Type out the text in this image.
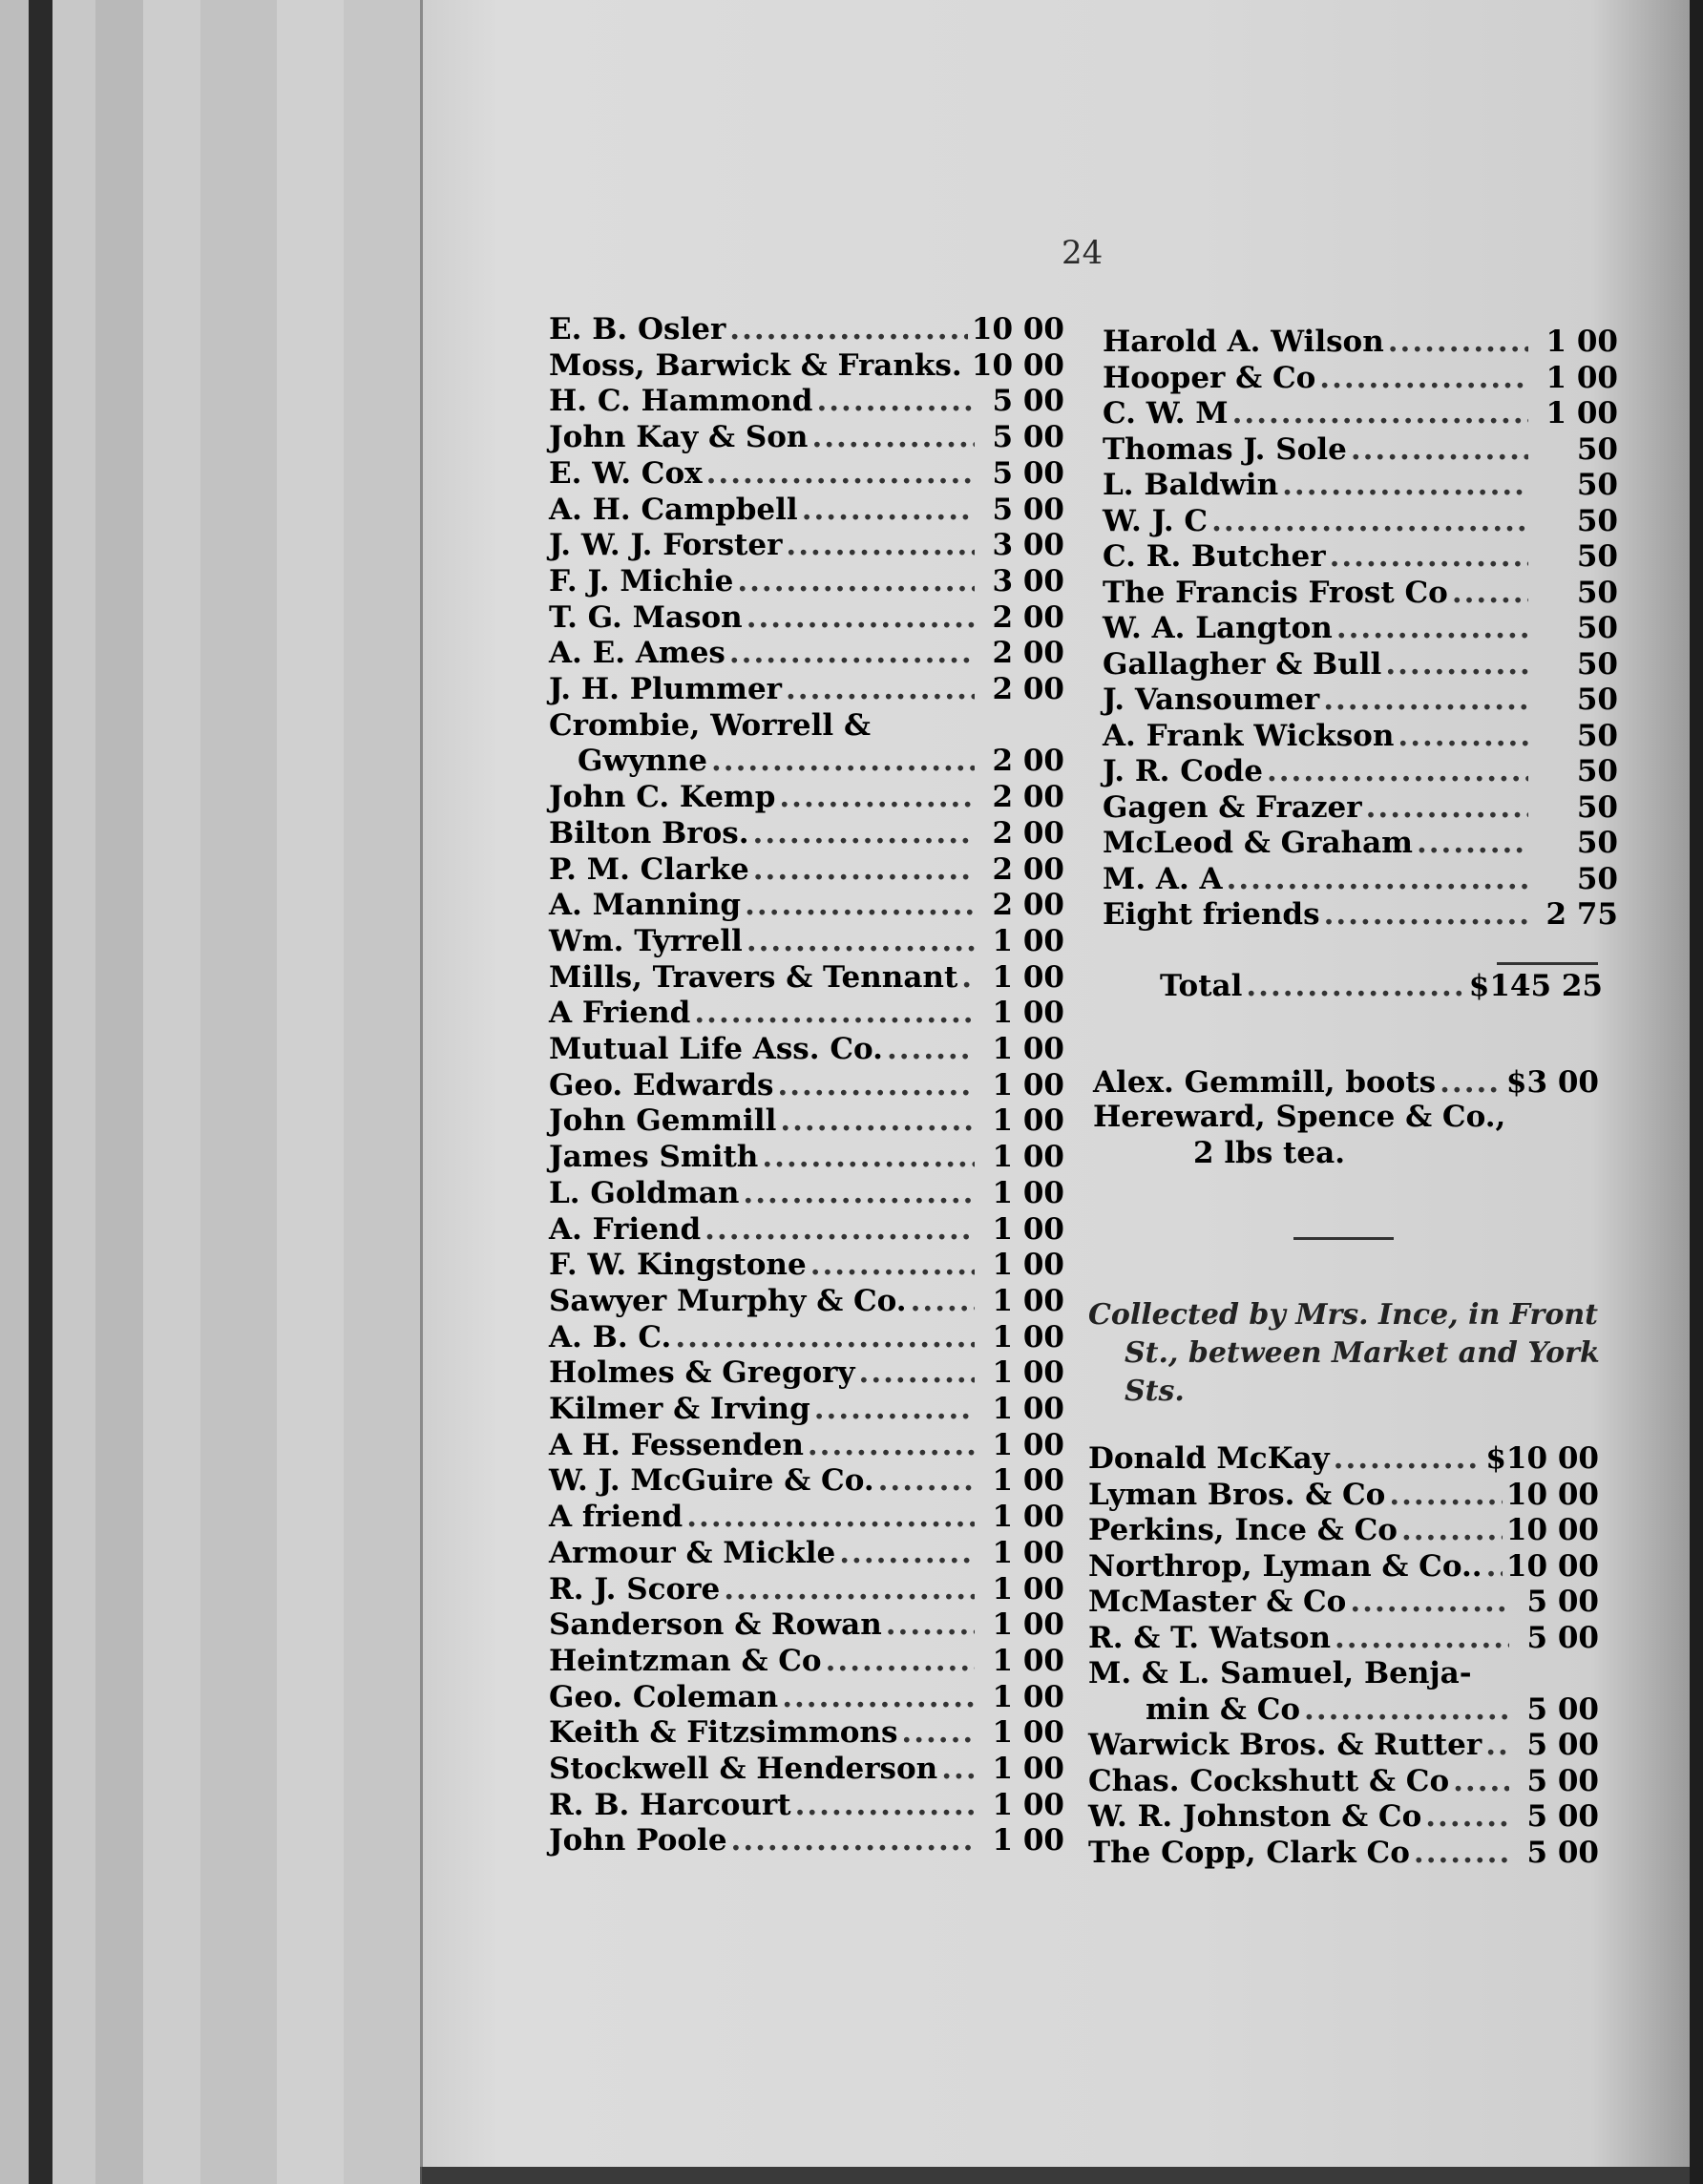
24
E. B. Osler .....	10 00
Moss, Barwick & Franks. ..... 10 00
H. C. Hammond .....	5 00
John Kay & Son .....	5 00
E. W. Cox .....	5 00
A. H. Campbell .....	5 00
J. W. J. Forster .....	3 00
F. J. Michie .....	3 00
T. G. Mason .....	2 00
A. E. Ames .....	2 00
J. H. Plummer .....	2 00
Crombie, Worrell &
Gwynne .....	2 00
John C. Kemp .....	2 00
Bilton Bros. .....	2 00
P. M. Clarke .....	2 00
A. Manning .....	2 00
Wm. Tyrrell .....	1 00
Mills, Travers & Tennant .....	1 00
A Friend .....	1 00
Mutual Life Ass. Co. .....	1 00
Geo. Edwards .....	1 00
John Gemmill .....	1 00
James Smith .....	1 00
L. Goldman .....	1 00
A. Friend .....	1 00
F. W. Kingstone .....	1 00
Sawyer Murphy & Co. .....	1 00
A. B. C. .....	1 00
Holmes & Gregory .....	1 00
Kilmer & Irving .....	1 00
A H. Fessenden .....	1 00
W. J. McGuire & Co. .....	1 00
A friend .....	1 00
Armour & Mickle .....	1 00
R. J. Score .....	1 00
Sanderson & Rowan .....	1 00
Heintzman & Co .....	1 00
Geo. Coleman .....	1 00
Keith & Fitzsimmons .....	1 00
Stockwell & Henderson .....	1 00
R. B. Harcourt .....	1 00
John Poole .....	1 00
Harold A. Wilson .....	1 00
Hooper & Co .....	1 00
C. W. M .....	1 00
Thomas J. Sole .....	50
L. Baldwin .....	50
W. J. C .....	50
C. R. Butcher .....	50
The Francis Frost Co .....	50
W. A. Langton .....	50
Gallagher & Bull .....	50
J. Vansoumer .....	50
A. Frank Wickson .....	50
J. R. Code .....	50
Gagen & Frazer .....	50
McLeod & Graham .....	50
M. A. A .....	50
Eight friends .....	2 75
Total .....	$145 25
Alex. Gemmill, boots ..... $3 00
Hereward, Spence & Co.,
2 lbs tea.
Collected by Mrs. Ince, in Front
St., between Market and York
Sts.
Donald McKay .....	$10 00
Lyman Bros. & Co .....	10 00
Perkins, Ince & Co .....	10 00
Northrop, Lyman & Co.. ..... 10 00
McMaster & Co .....	5 00
R. & T. Watson .....	5 00
M. & L. Samuel, Benja-
min & Co .....	5 00
Warwick Bros. & Rutter .....	5 00
Chas. Cockshutt & Co .....	5 00
W. R. Johnston & Co .....	5 00
The Copp, Clark Co .....	5 00
